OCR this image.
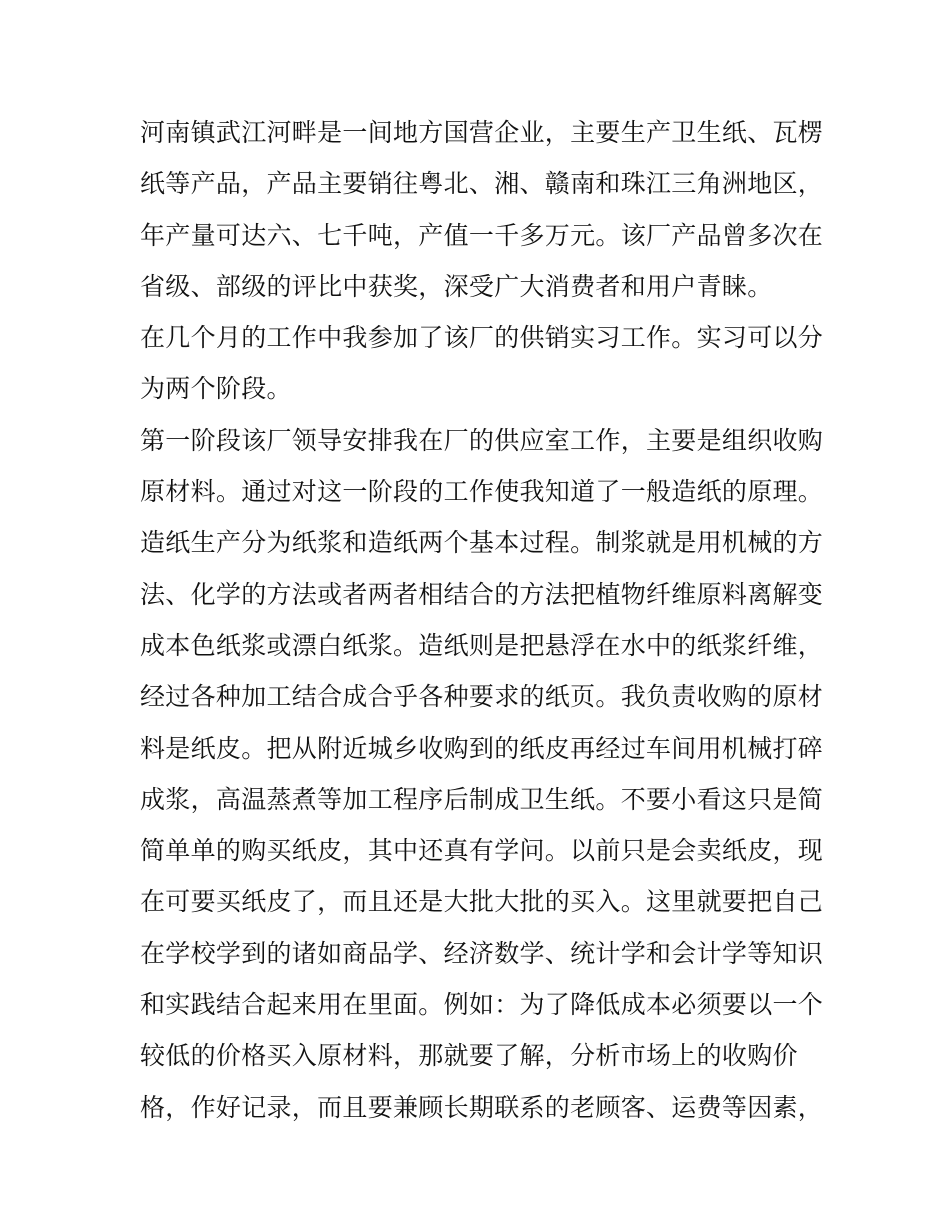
河南镇武江河畔是一间地方国营企业，主要生产卫生纸、瓦楞
纸等产品，产品主要销往粤北、湘、赣南和珠江三角洲地区，
年产量可达六、七千吨，产值一千多万元。该厂产品曾多次在
省级、部级的评比中获奖，深受广大消费者和用户青睐。
在几个月的工作中我参加了该厂的供销实习工作。实习可以分
为两个阶段。
第一阶段该厂领导安排我在厂的供应室工作，主要是组织收购
原材料。通过对这一阶段的工作使我知道了一般造纸的原理。
造纸生产分为纸浆和造纸两个基本过程。制浆就是用机械的方
法、化学的方法或者两者相结合的方法把植物纤维原料离解变
成本色纸浆或漂白纸浆。造纸则是把悬浮在水中的纸浆纤维，
经过各种加工结合成合乎各种要求的纸页。我负责收购的原材
料是纸皮。把从附近城乡收购到的纸皮再经过车间用机械打碎
成浆，高温蒸煮等加工程序后制成卫生纸。不要小看这只是简
简单单的购买纸皮，其中还真有学问。以前只是会卖纸皮，现
在可要买纸皮了，而且还是大批大批的买入。这里就要把自己
在学校学到的诸如商品学、经济数学、统计学和会计学等知识
和实践结合起来用在里面。例如：为了降低成本必须要以一个
较低的价格买入原材料，那就要了解，分析市场上的收购价
格，作好记录，而且要兼顾长期联系的老顾客、运费等因素，
